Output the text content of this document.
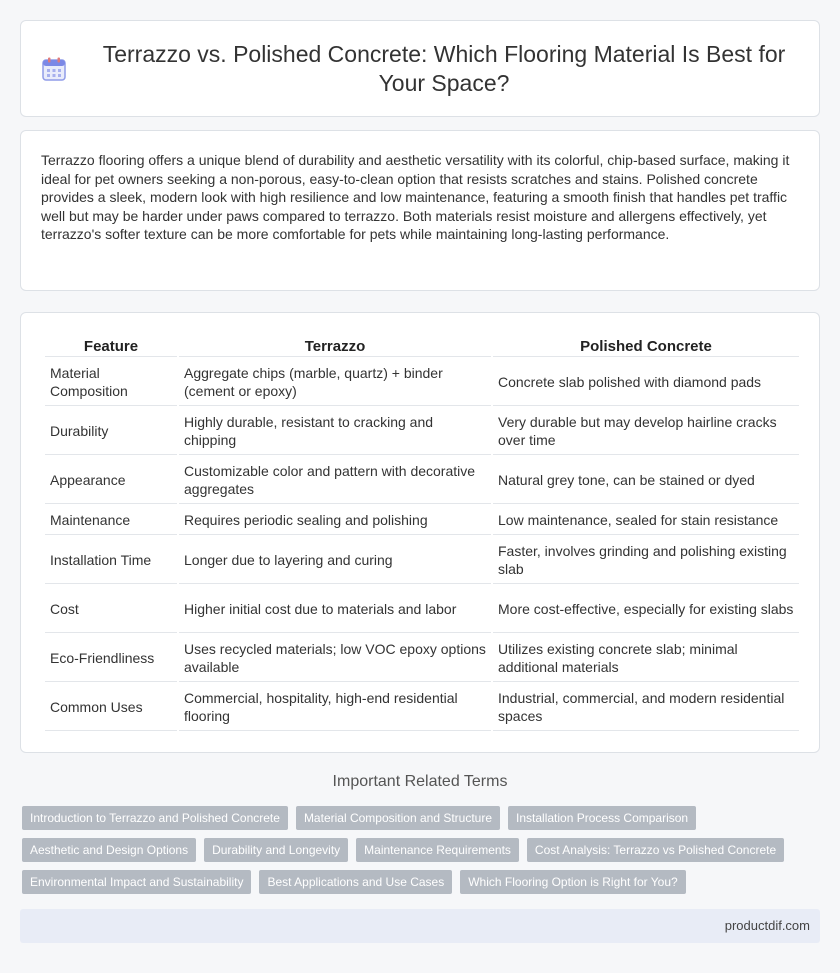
Terrazzo vs. Polished Concrete: Which Flooring Material Is Best for Your Space?

Terrazzo flooring offers a unique blend of durability and aesthetic versatility with its colorful, chip-based surface, making it ideal for pet owners seeking a non-porous, easy-to-clean option that resists scratches and stains. Polished concrete provides a sleek, modern look with high resilience and low maintenance, featuring a smooth finish that handles pet traffic well but may be harder under paws compared to terrazzo. Both materials resist moisture and allergens effectively, yet terrazzo's softer texture can be more comfortable for pets while maintaining long-lasting performance.

Feature	Terrazzo	Polished Concrete
Material Composition	Aggregate chips (marble, quartz) + binder (cement or epoxy)	Concrete slab polished with diamond pads
Durability	Highly durable, resistant to cracking and chipping	Very durable but may develop hairline cracks over time
Appearance	Customizable color and pattern with decorative aggregates	Natural grey tone, can be stained or dyed
Maintenance	Requires periodic sealing and polishing	Low maintenance, sealed for stain resistance
Installation Time	Longer due to layering and curing	Faster, involves grinding and polishing existing slab
Cost	Higher initial cost due to materials and labor	More cost-effective, especially for existing slabs
Eco-Friendliness	Uses recycled materials; low VOC epoxy options available	Utilizes existing concrete slab; minimal additional materials
Common Uses	Commercial, hospitality, high-end residential flooring	Industrial, commercial, and modern residential spaces
Important Related Terms
Introduction to Terrazzo and Polished Concrete	Material Composition and Structure	Installation Process Comparison
Aesthetic and Design Options	Durability and Longevity	Maintenance Requirements	Cost Analysis: Terrazzo vs Polished Concrete
Environmental Impact and Sustainability	Best Applications and Use Cases	Which Flooring Option is Right for You?
productdif.com
